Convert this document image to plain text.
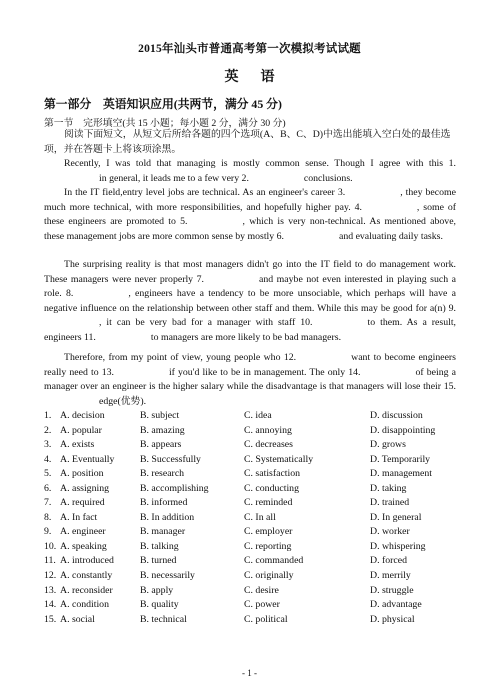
2015年汕头市普通高考第一次模拟考试试题
英语
第一部分　英语知识应用(共两节，满分 45 分)
第一节　完形填空(共 15 小题；每小题 2 分，满分 30 分)
阅读下面短文，从短文后所给各题的四个选项(A、B、C、D)中选出能填入空白处的最佳选项，并在答题卡上将该项涂黑。
Recently, I was told that managing is mostly common sense. Though I agree with this 1.in general, it leads me to a few very 2.	conclusions.
In the IT field,entry level jobs are technical. As an engineer's career 3.	, they become much more technical, with more responsibilities, and hopefully higher pay. 4.	, some of these engineers are promoted to 5.	, which is very non-technical. As mentioned above, these management jobs are more common sense by mostly 6.	and evaluating daily tasks.
The surprising reality is that most managers didn't go into the IT field to do management work. These managers were never properly 7.	and maybe not even interested in playing such a role. 8.	, engineers have a tendency to be more unsociable, which perhaps will have a negative influence on the relationship between other staff and them. While this may be good for a(n) 9., it can be very bad for a manager with staff 10.	to them. As a result, engineers 11.	to managers are more likely to be bad managers.
Therefore, from my point of view, young people who 12.	want to become engineers really need to 13.	if you'd like to be in management. The only 14.	of being a manager over an engineer is the higher salary while the disadvantage is that managers will lose their 15.edge(优势).
1. A. decision	B. subject	C. idea	D. discussion
2. A. popular	B. amazing	C. annoying	D. disappointing
3. A. exists	B. appears	C. decreases	D. grows
4. A. Eventually	B. Successfully	C. Systematically	D. Temporarily
5. A. position	B. research	C. satisfaction	D. management
6. A. assigning	B. accomplishing	C. conducting	D. taking
7. A. required	B. informed	C. reminded	D. trained
8. A. In fact	B. In addition	C. In all	D. In general
9. A. engineer	B. manager	C. employer	D. worker
10. A. speaking	B. talking	C. reporting	D. whispering
11. A. introduced	B. turned	C. commanded	D. forced
12. A. constantly	B. necessarily	C. originally	D. merrily
13. A. reconsider	B. apply	C. desire	D. struggle
14. A. condition	B. quality	C. power	D. advantage
15. A. social	B. technical	C. political	D. physical
- 1 -
